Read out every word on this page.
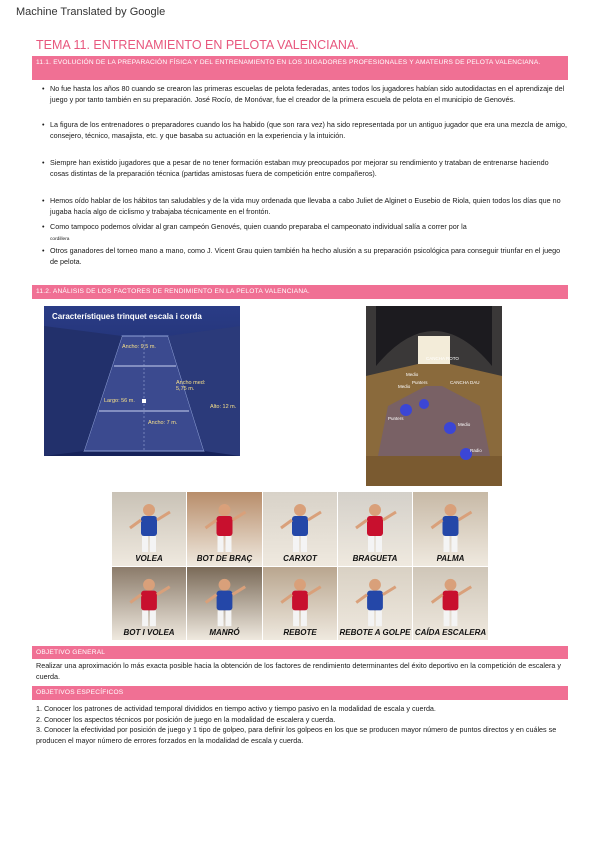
Machine Translated by Google
TEMA 11. ENTRENAMIENTO EN PELOTA VALENCIANA.
11.1. EVOLUCIÓN DE LA PREPARACIÓN FÍSICA Y DEL ENTRENAMIENTO EN LOS JUGADORES PROFESIONALES Y AMATEURS DE PELOTA VALENCIANA.
• No fue hasta los años 80 cuando se crearon las primeras escuelas de pelota federadas, antes todos los jugadores habían sido autodidactas en el aprendizaje del juego y por tanto también en su preparación. José Rocío, de Monóvar, fue el creador de la primera escuela de pelota en el municipio de Genovés.
• La figura de los entrenadores o preparadores cuando los ha habido (que son rara vez) ha sido representada por un antiguo jugador que era una mezcla de amigo, consejero, técnico, masajista, etc. y que basaba su actuación en la experiencia y la intuición.
• Siempre han existido jugadores que a pesar de no tener formación estaban muy preocupados por mejorar su rendimiento y trataban de entrenarse haciendo cosas distintas de la preparación técnica (partidas amistosas fuera de competición entre compañeros).
• Hemos oído hablar de los hábitos tan saludables y de la vida muy ordenada que llevaba a cabo Juliet de Alginet o Eusebio de Riola, quien todos los días que no jugaba hacía algo de ciclismo y trabajaba técnicamente en el frontón.
• Como tampoco podemos olvidar al gran campeón Genovés, quien cuando preparaba el campeonato individual salía a correr por la
cordillera
• Otros ganadores del torneo mano a mano, como J. Vicent Grau quien también ha hecho alusión a su preparación psicológica para conseguir triunfar en el juego de pelota.
11.2. ANÁLISIS DE LOS FACTORES DE RENDIMIENTO EN LA PELOTA VALENCIANA.
Característiques trinquet escala i corda
Ancho: 9,5 m.
Ancho med: 5,75 m.
Largo: 56 m.
Alto: 12 m.
Ancho: 7 m.
CANCHA ROTO
Medio
Punters	CANCHA DAU
Medio
Punters
Medio
Radio
VOLEA	BOT DE BRAÇ	CARXOT	BRAGUETA	PALMA
BOT I VOLEA	MANRÓ	REBOTE	REBOTE A GOLPE CAÍDA ESCALERA
OBJETIVO GENERAL
Realizar una aproximación lo más exacta posible hacia la obtención de los factores de rendimiento determinantes del éxito deportivo en la competición de escalera y cuerda.
OBJETIVOS ESPECÍFICOS
1. Conocer los patrones de actividad temporal divididos en tiempo activo y tiempo pasivo en la modalidad de escala y cuerda.
2. Conocer los aspectos técnicos por posición de juego en la modalidad de escalera y cuerda.
3. Conocer la efectividad por posición de juego y 1 tipo de golpeo, para definir los golpeos en los que se producen mayor número de puntos directos y en cuáles se producen el mayor número de errores forzados en la modalidad de escala y cuerda.
